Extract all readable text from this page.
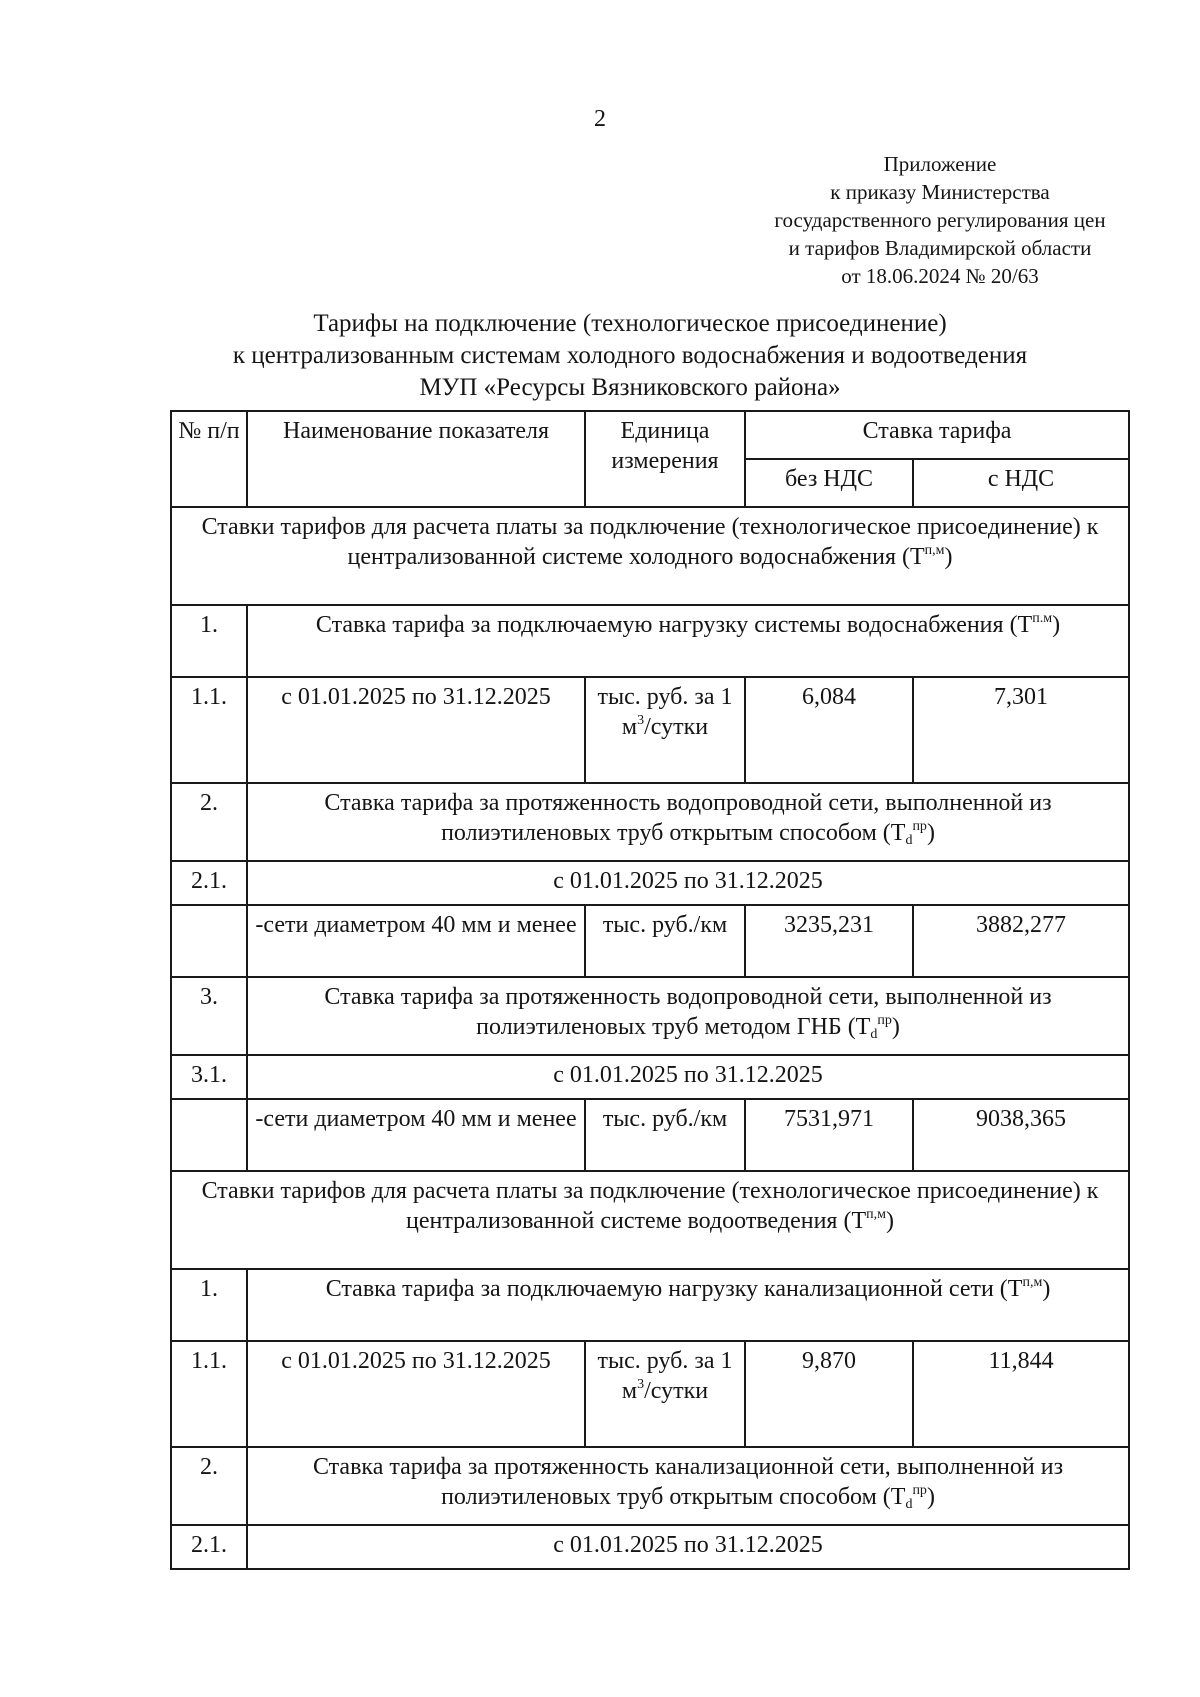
2
Приложение
к приказу Министерства
государственного регулирования цен
и тарифов Владимирской области
от 18.06.2024 № 20/63
Тарифы на подключение (технологическое присоединение)
к централизованным системам холодного водоснабжения и водоотведения
МУП «Ресурсы Вязниковского района»
№ п/п	Наименование показателя	Единица измерения	Ставка тарифа	
			без НДС	с НДС
Ставки тарифов для расчета платы за подключение (технологическое присоединение) к централизованной системе холодного водоснабжения $(Т^{п,м})$				
1.	Ставка тарифа за подключаемую нагрузку системы водоснабжения $(Т^{п.м})$			
1.1.	с 01.01.2025 по 31.12.2025	тыс. руб. за 1 $м^3$/сутки	6,084	7,301
2.	Ставка тарифа за протяженность водопроводной сети, выполненной из полиэтиленовых труб открытым способом $(Тd^{пр})$			
2.1.	с 01.01.2025 по 31.12.2025			
	-сети диаметром 40 мм и менее	тыс. руб./км	3235,231	3882,277
3.	Ставка тарифа за протяженность водопроводной сети, выполненной из полиэтиленовых труб методом ГНБ $(Тd^{пр})$			
3.1.	с 01.01.2025 по 31.12.2025			
	-сети диаметром 40 мм и менее	тыс. руб./км	7531,971	9038,365
Ставки тарифов для расчета платы за подключение (технологическое присоединение) к централизованной системе водоотведения $(Т^{п,м})$				
1.	Ставка тарифа за подключаемую нагрузку канализационной сети $(Т^{п,м})$			
1.1.	с 01.01.2025 по 31.12.2025	тыс. руб. за 1 $м^3$/сутки	9,870	11,844
2.	Ставка тарифа за протяженность канализационной сети, выполненной из полиэтиленовых труб открытым способом $(Тd^{пр})$			
2.1.	с 01.01.2025 по 31.12.2025			
